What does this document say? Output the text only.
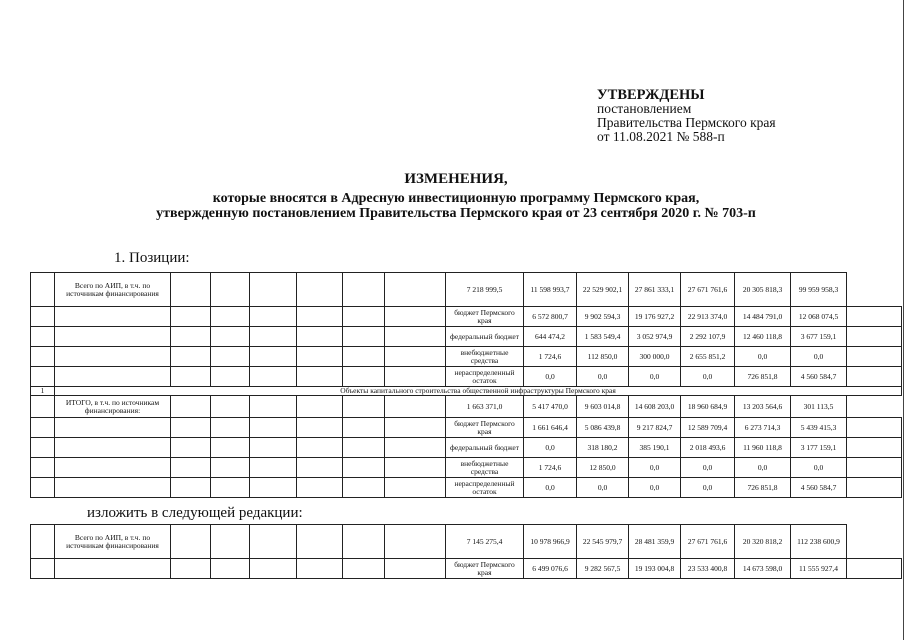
УТВЕРЖДЕНЫ
постановлением
Правительства Пермского края
от 11.08.2021 № 588-п
ИЗМЕНЕНИЯ,
которые вносятся в Адресную инвестиционную программу Пермского края,
утвержденную постановлением Правительства Пермского края от 23 сентября 2020 г. № 703-п
1. Позиции:
	Всего по АИП, в т.ч. по источникам финансирования							7 218 999,5	11 598 993,7	22 529 902,1	27 861 333,1	27 671 761,6	20 305 818,3	99 959 958,3	
								бюджет Пермского края	6 572 800,7	9 902 594,3	19 176 927,2	22 913 374,0	14 484 791,0	12 068 074,5	
								федеральный бюджет	644 474,2	1 583 549,4	3 052 974,9	2 292 107,9	12 460 118,8	3 677 159,1	
								внебюджетные средства	1 724,6	112 850,0	300 000,0	2 655 851,2	0,0	0,0	
								нераспределенный остаток	0,0	0,0	0,0	0,0	726 851,8	4 560 584,7	
1	Объекты капитального строительства общественной инфраструктуры Пермского края														
	ИТОГО, в т.ч. по источникам финансирования:							1 663 371,0	5 417 470,0	9 603 014,8	14 608 203,0	18 960 684,9	13 203 564,6	301 113,5	
								бюджет Пермского края	1 661 646,4	5 086 439,8	9 217 824,7	12 589 709,4	6 273 714,3	5 439 415,3	
								федеральный бюджет	0,0	318 180,2	385 190,1	2 018 493,6	11 960 118,8	3 177 159,1	
								внебюджетные средства	1 724,6	12 850,0	0,0	0,0	0,0	0,0	
								нераспределенный остаток	0,0	0,0	0,0	0,0	726 851,8	4 560 584,7	
изложить в следующей редакции:
	Всего по АИП, в т.ч. по источникам финансирования							7 145 275,4	10 978 966,9	22 545 979,7	28 481 359,9	27 671 761,6	20 320 818,2	112 238 600,9	
								бюджет Пермского края	6 499 076,6	9 282 567,5	19 193 004,8	23 533 400,8	14 673 598,0	11 555 927,4	
